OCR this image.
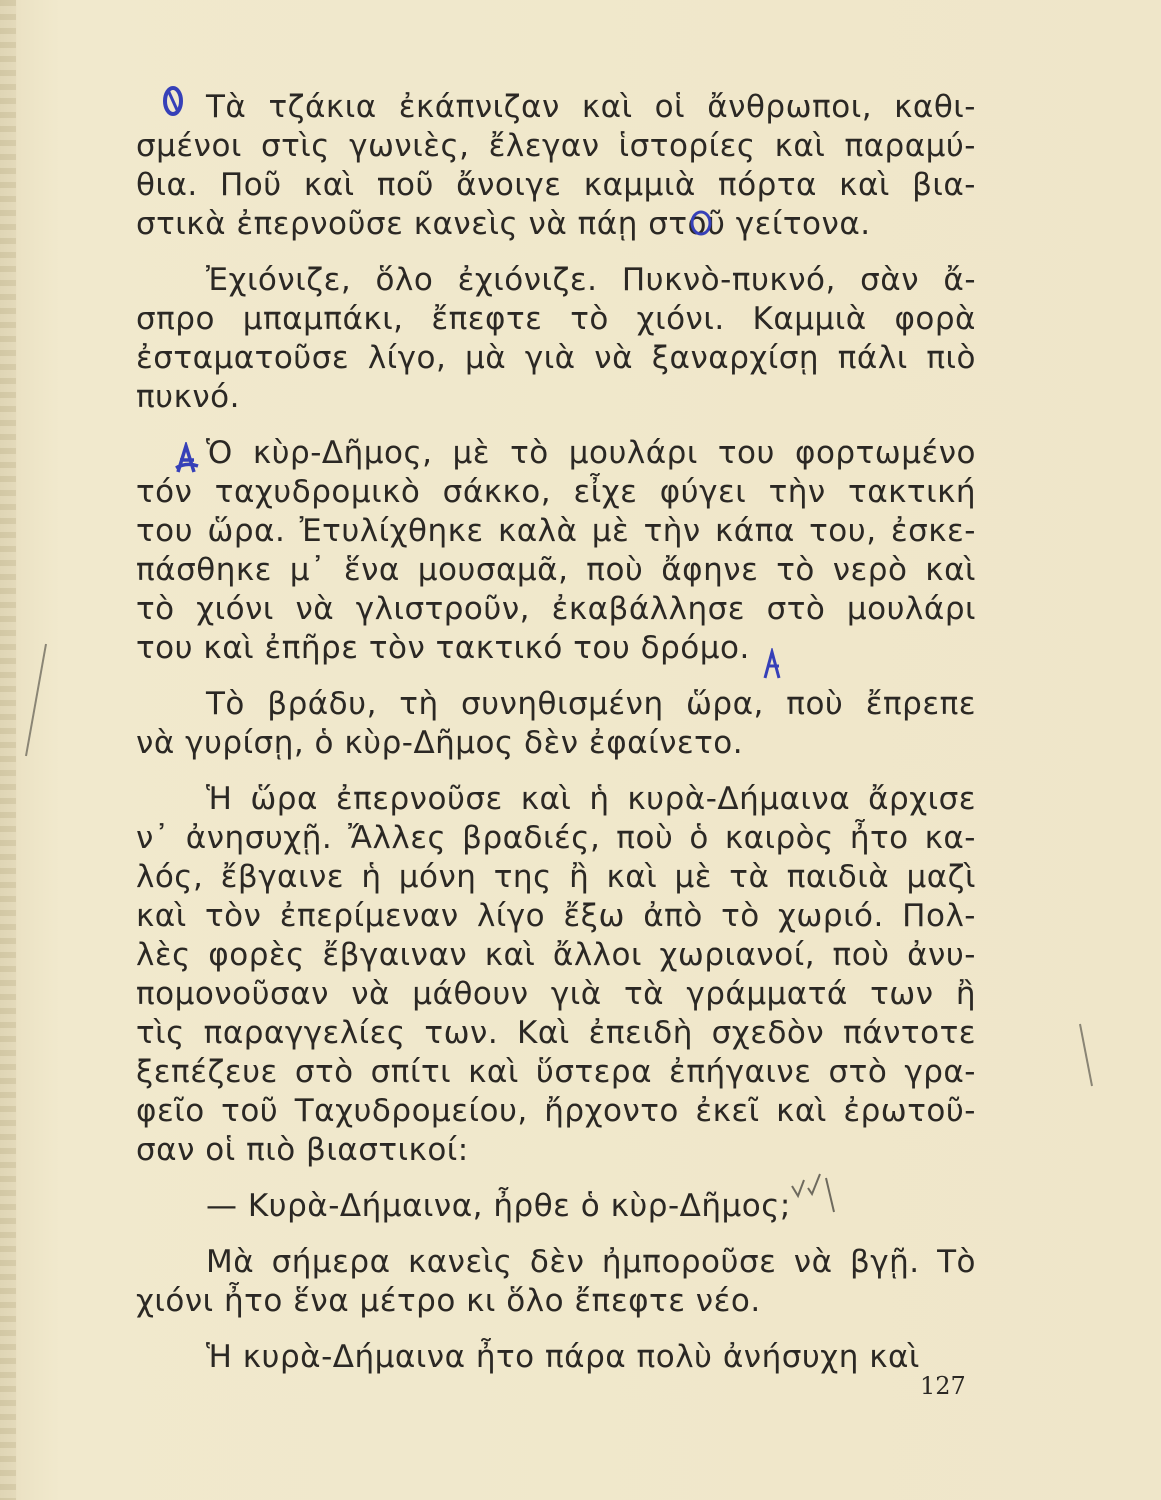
Τὰ τζάκια ἐκάπνιζαν καὶ οἱ ἄνθρωποι, καθι-
σμένοι στὶς γωνιὲς, ἔλεγαν ἱστορίες καὶ παραμύ-
θια. Ποῦ καὶ ποῦ ἄνοιγε καμμιὰ πόρτα καὶ βια-
στικὰ ἐπερνοῦσε κανεὶς νὰ πάῃ στοῦ γείτονα.
Ἐχιόνιζε, ὅλο ἐχιόνιζε. Πυκνὸ-πυκνό, σὰν ἄ-
σπρο μπαμπάκι, ἔπεφτε τὸ χιόνι. Καμμιὰ φορὰ
ἐσταματοῦσε λίγο, μὰ γιὰ νὰ ξαναρχίσῃ πάλι πιὸ
πυκνό.
Ὁ κὺρ-Δῆμος, μὲ τὸ μουλάρι του φορτωμένο
τόν ταχυδρομικὸ σάκκο, εἶχε φύγει τὴν τακτική
του ὥρα. Ἐτυλίχθηκε καλὰ μὲ τὴν κάπα του, ἐσκε-
πάσθηκε μ᾽ ἕνα μουσαμᾶ, ποὺ ἄφηνε τὸ νερὸ καὶ
τὸ χιόνι νὰ γλιστροῦν, ἐκαβάλλησε στὸ μουλάρι
του καὶ ἐπῆρε τὸν τακτικό του δρόμο.
Τὸ βράδυ, τὴ συνηθισμένη ὥρα, ποὺ ἔπρεπε
νὰ γυρίσῃ, ὁ κὺρ-Δῆμος δὲν ἐφαίνετο.
Ἡ ὥρα ἐπερνοῦσε καὶ ἡ κυρὰ-Δήμαινα ἄρχισε
ν᾽ ἀνησυχῇ. Ἄλλες βραδιές, ποὺ ὁ καιρὸς ἦτο κα-
λός, ἔβγαινε ἡ μόνη της ἢ καὶ μὲ τὰ παιδιὰ μαζὶ
καὶ τὸν ἐπερίμεναν λίγο ἔξω ἀπὸ τὸ χωριό. Πολ-
λὲς φορὲς ἔβγαιναν καὶ ἄλλοι χωριανοί, ποὺ ἀνυ-
πομονοῦσαν νὰ μάθουν γιὰ τὰ γράμματά των ἢ
τὶς παραγγελίες των. Καὶ ἐπειδὴ σχεδὸν πάντοτε
ξεπέζευε στὸ σπίτι καὶ ὕστερα ἐπήγαινε στὸ γρα-
φεῖο τοῦ Ταχυδρομείου, ἤρχοντο ἐκεῖ καὶ ἐρωτοῦ-
σαν οἱ πιὸ βιαστικοί:
— Κυρὰ-Δήμαινα, ἦρθε ὁ κὺρ-Δῆμος;
Μὰ σήμερα κανεὶς δὲν ἠμποροῦσε νὰ βγῇ. Τὸ
χιόνι ἦτο ἕνα μέτρο κι ὅλο ἔπεφτε νέο.
Ἡ κυρὰ-Δήμαινα ἦτο πάρα πολὺ ἀνήσυχη καὶ
127
